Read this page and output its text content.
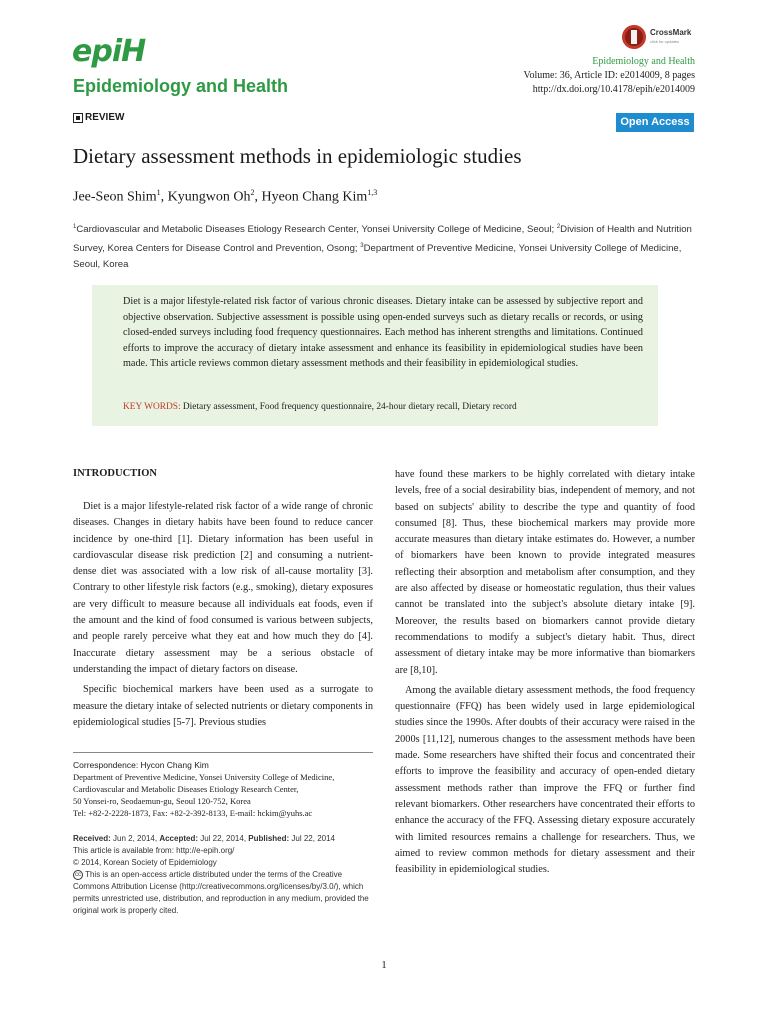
epiH
Epidemiology and Health
CrossMark
click for updates
Epidemiology and Health
Volume: 36, Article ID: e2014009, 8 pages
http://dx.doi.org/10.4178/epih/e2014009
REVIEW	Open Access
Dietary assessment methods in epidemiologic studies
Jee-Seon Shim$^1$, Kyungwon Oh$^2$, Hyeon Chang Kim$^{1,3}$
$^1$Cardiovascular and Metabolic Diseases Etiology Research Center, Yonsei University College of Medicine, Seoul; $^2$Division of Health and Nutrition Survey, Korea Centers for Disease Control and Prevention, Osong; $^3$Department of Preventive Medicine, Yonsei University College of Medicine, Seoul, Korea
Diet is a major lifestyle-related risk factor of various chronic diseases. Dietary intake can be assessed by subjective report and objective observation. Subjective assessment is possible using open-ended surveys such as dietary recalls or records, or using closed-ended surveys including food frequency questionnaires. Each method has inherent strengths and limitations. Continued efforts to improve the accuracy of dietary intake assessment and enhance its feasibility in epidemiological studies have been made. This article reviews common dietary assessment methods and their feasibility in epidemiological studies.
KEY WORDS: Dietary assessment, Food frequency questionnaire, 24-hour dietary recall, Dietary record
INTRODUCTION

Diet is a major lifestyle-related risk factor of a wide range of chronic diseases. Changes in dietary habits have been found to reduce cancer incidence by one-third [1]. Dietary information has been useful in cardiovascular disease risk prediction [2] and consuming a nutrient-dense diet was associated with a low risk of all-cause mortality [3]. Contrary to other lifestyle risk factors (e.g., smoking), dietary exposures are very difficult to measure because all individuals eat foods, even if the amount and the kind of food consumed is various between subjects, and people rarely perceive what they eat and how much they do [4]. Inaccurate dietary assessment may be a serious obstacle of understanding the impact of dietary factors on disease.

Specific biochemical markers have been used as a surrogate to measure the dietary intake of selected nutrients or dietary components in epidemiological studies [5-7]. Previous studies

have found these markers to be highly correlated with dietary intake levels, free of a social desirability bias, independent of memory, and not based on subjects' ability to describe the type and quantity of food consumed [8]. Thus, these biochemical markers may provide more accurate measures than dietary intake estimates do. However, a number of biomarkers have been known to provide integrated measures reflecting their absorption and metabolism after consumption, and they are also affected by disease or homeostatic regulation, thus their values cannot be translated into the subject's absolute dietary intake [9]. Moreover, the results based on biomarkers cannot provide dietary recommendations to modify a subject's dietary habit. Thus, direct assessment of dietary intake may be more informative than biomarkers are [8,10].

Among the available dietary assessment methods, the food frequency questionnaire (FFQ) has been widely used in large epidemiological studies since the 1990s. After doubts of their accuracy were raised in the 2000s [11,12], numerous changes to the assessment methods have been made. Some researchers have shifted their focus and concentrated their efforts to improve the feasibility and accuracy of open-ended dietary assessment methods rather than improve the FFQ or further find relevant biomarkers. Other researchers have concentrated their efforts to enhance the accuracy of the FFQ. Assessing dietary exposure accurately with limited resources remains a challenge for researchers. Thus, we aimed to review common methods for dietary assessment and their feasibility in epidemiological studies.

Correspondence: Hycon Chang Kim
Department of Preventive Medicine, Yonsei University College of Medicine,
Cardiovascular and Metabolic Diseases Etiology Research Center,
50 Yonsei-ro, Seodaemun-gu, Seoul 120-752, Korea
Tel: +82-2-2228-1873, Fax: +82-2-392-8133, E-mail: hckim@yuhs.ac
Received: Jun 2, 2014, Accepted: Jul 22, 2014, Published: Jul 22, 2014
This article is available from: http://e-epih.org/
© 2014, Korean Society of Epidemiology
cc This is an open-access article distributed under the terms of the Creative Commons Attribution License (http://creativecommons.org/licenses/by/3.0/), which permits unrestricted use, distribution, and reproduction in any medium, provided the original work is properly cited.
1
